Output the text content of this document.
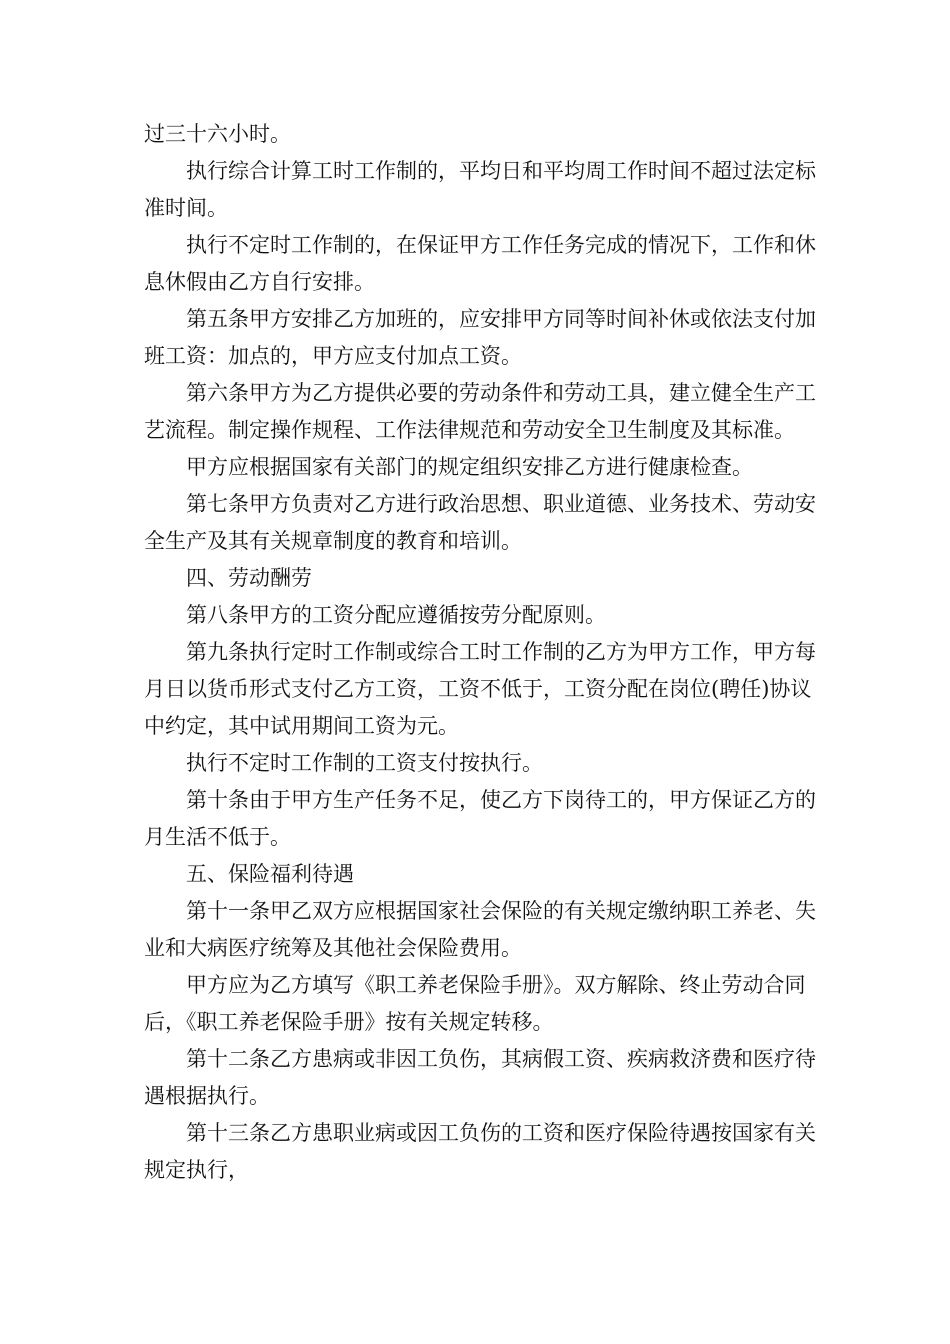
过三十六小时。

执行综合计算工时工作制的，平均日和平均周工作时间不超过法定标准时间。

执行不定时工作制的，在保证甲方工作任务完成的情况下，工作和休息休假由乙方自行安排。

第五条甲方安排乙方加班的，应安排甲方同等时间补休或依法支付加班工资：加点的，甲方应支付加点工资。

第六条甲方为乙方提供必要的劳动条件和劳动工具，建立健全生产工艺流程。制定操作规程、工作法律规范和劳动安全卫生制度及其标准。

甲方应根据国家有关部门的规定组织安排乙方进行健康检查。

第七条甲方负责对乙方进行政治思想、职业道德、业务技术、劳动安全生产及其有关规章制度的教育和培训。

四、劳动酬劳

第八条甲方的工资分配应遵循按劳分配原则。

第九条执行定时工作制或综合工时工作制的乙方为甲方工作，甲方每月日以货币形式支付乙方工资，工资不低于，工资分配在岗位(聘任)协议中约定，其中试用期间工资为元。

执行不定时工作制的工资支付按执行。

第十条由于甲方生产任务不足，使乙方下岗待工的，甲方保证乙方的月生活不低于。

五、保险福利待遇

第十一条甲乙双方应根据国家社会保险的有关规定缴纳职工养老、失业和大病医疗统筹及其他社会保险费用。

甲方应为乙方填写《职工养老保险手册》。双方解除、终止劳动合同后，《职工养老保险手册》按有关规定转移。

第十二条乙方患病或非因工负伤，其病假工资、疾病救济费和医疗待遇根据执行。

第十三条乙方患职业病或因工负伤的工资和医疗保险待遇按国家有关规定执行，
